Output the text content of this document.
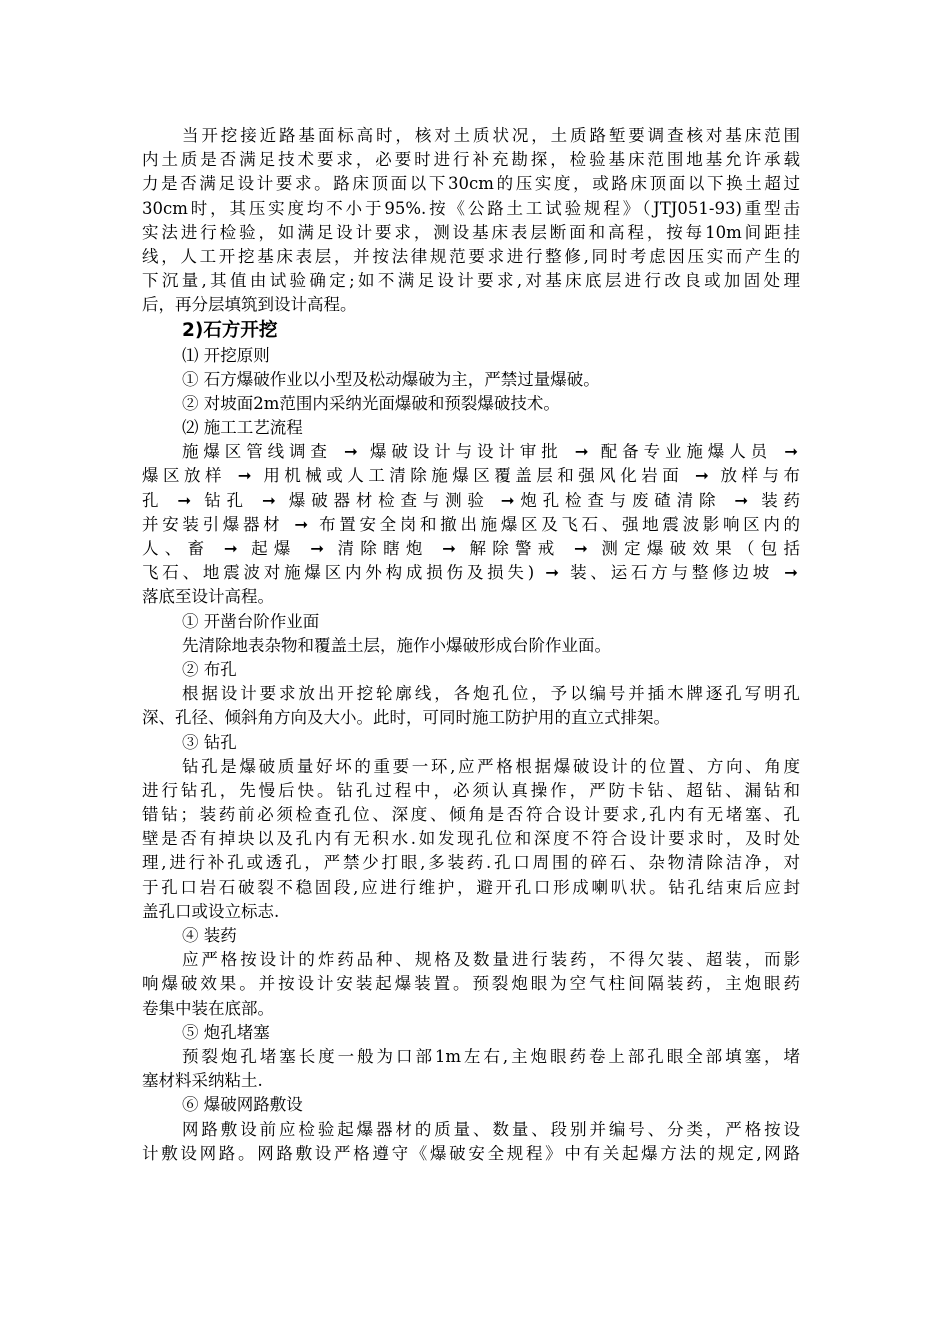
当开挖接近路基面标高时，核对土质状况，土质路堑要调查核对基床范围
内土质是否满足技术要求，必要时进行补充勘探，检验基床范围地基允许承载
力是否满足设计要求。路床顶面以下30cm的压实度，或路床顶面以下换土超过
30cm时，其压实度均不小于95%.按《公路土工试验规程》（JTJ051-93)重型击
实法进行检验，如满足设计要求，测设基床表层断面和高程，按每10m间距挂
线，人工开挖基床表层，并按法律规范要求进行整修,同时考虑因压实而产生的
下沉量,其值由试验确定;如不满足设计要求,对基床底层进行改良或加固处理
后，再分层填筑到设计高程。
2)石方开挖
⑴ 开挖原则
① 石方爆破作业以小型及松动爆破为主，严禁过量爆破。
② 对坡面2m范围内采纳光面爆破和预裂爆破技术。
⑵ 施工工艺流程
施爆区管线调查 ➞ 爆破设计与设计审批 ➞ 配备专业施爆人员 ➞
爆区放样 ➞ 用机械或人工清除施爆区覆盖层和强风化岩面 ➞ 放样与布
孔 ➞ 钻孔 ➞ 爆破器材检查与测验 ➞炮孔检查与废碴清除 ➞ 装药
并安装引爆器材 ➞ 布置安全岗和撤出施爆区及飞石、强地震波影响区内的
人、畜 ➞ 起爆 ➞ 清除瞎炮 ➞ 解除警戒 ➞ 测定爆破效果（包括
飞石、地震波对施爆区内外构成损伤及损失) ➞ 装、运石方与整修边坡 ➞
落底至设计高程。
① 开凿台阶作业面
先清除地表杂物和覆盖土层，施作小爆破形成台阶作业面。
② 布孔
根据设计要求放出开挖轮廓线，各炮孔位，予以编号并插木牌逐孔写明孔
深、孔径、倾斜角方向及大小。此时，可同时施工防护用的直立式排架。
③ 钻孔
钻孔是爆破质量好坏的重要一环,应严格根据爆破设计的位置、方向、角度
进行钻孔，先慢后快。钻孔过程中，必须认真操作，严防卡钻、超钻、漏钻和
错钻；装药前必须检查孔位、深度、倾角是否符合设计要求,孔内有无堵塞、孔
壁是否有掉块以及孔内有无积水.如发现孔位和深度不符合设计要求时，及时处
理,进行补孔或透孔，严禁少打眼,多装药.孔口周围的碎石、杂物清除洁净，对
于孔口岩石破裂不稳固段,应进行维护，避开孔口形成喇叭状。钻孔结束后应封
盖孔口或设立标志.
④ 装药
应严格按设计的炸药品种、规格及数量进行装药，不得欠装、超装，而影
响爆破效果。并按设计安装起爆装置。预裂炮眼为空气柱间隔装药，主炮眼药
卷集中装在底部。
⑤ 炮孔堵塞
预裂炮孔堵塞长度一般为口部1m左右,主炮眼药卷上部孔眼全部填塞，堵
塞材料采纳粘土.
⑥ 爆破网路敷设
网路敷设前应检验起爆器材的质量、数量、段别并编号、分类，严格按设
计敷设网路。网路敷设严格遵守《爆破安全规程》中有关起爆方法的规定,网路
